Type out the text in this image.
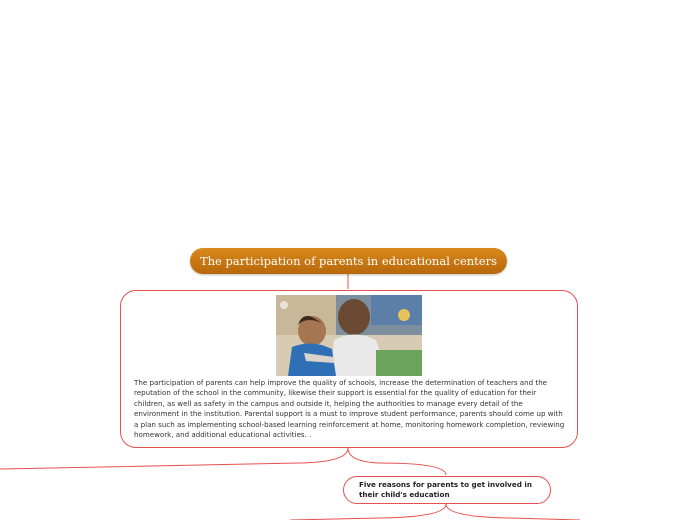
The participation of parents in educational centers

The participation of parents can help improve the quality of schools, increase the determination of teachers and the reputation of the school in the community, likewise their support is essential for the quality of education for their children, as well as safety in the campus and outside it, helping the authorities to manage every detail of the environment in the institution. Parental support is a must to improve student performance, parents should come up with a plan such as implementing school-based learning reinforcement at home, monitoring homework completion, reviewing homework, and additional educational activities. .

Five reasons for parents to get involved in their child's education
